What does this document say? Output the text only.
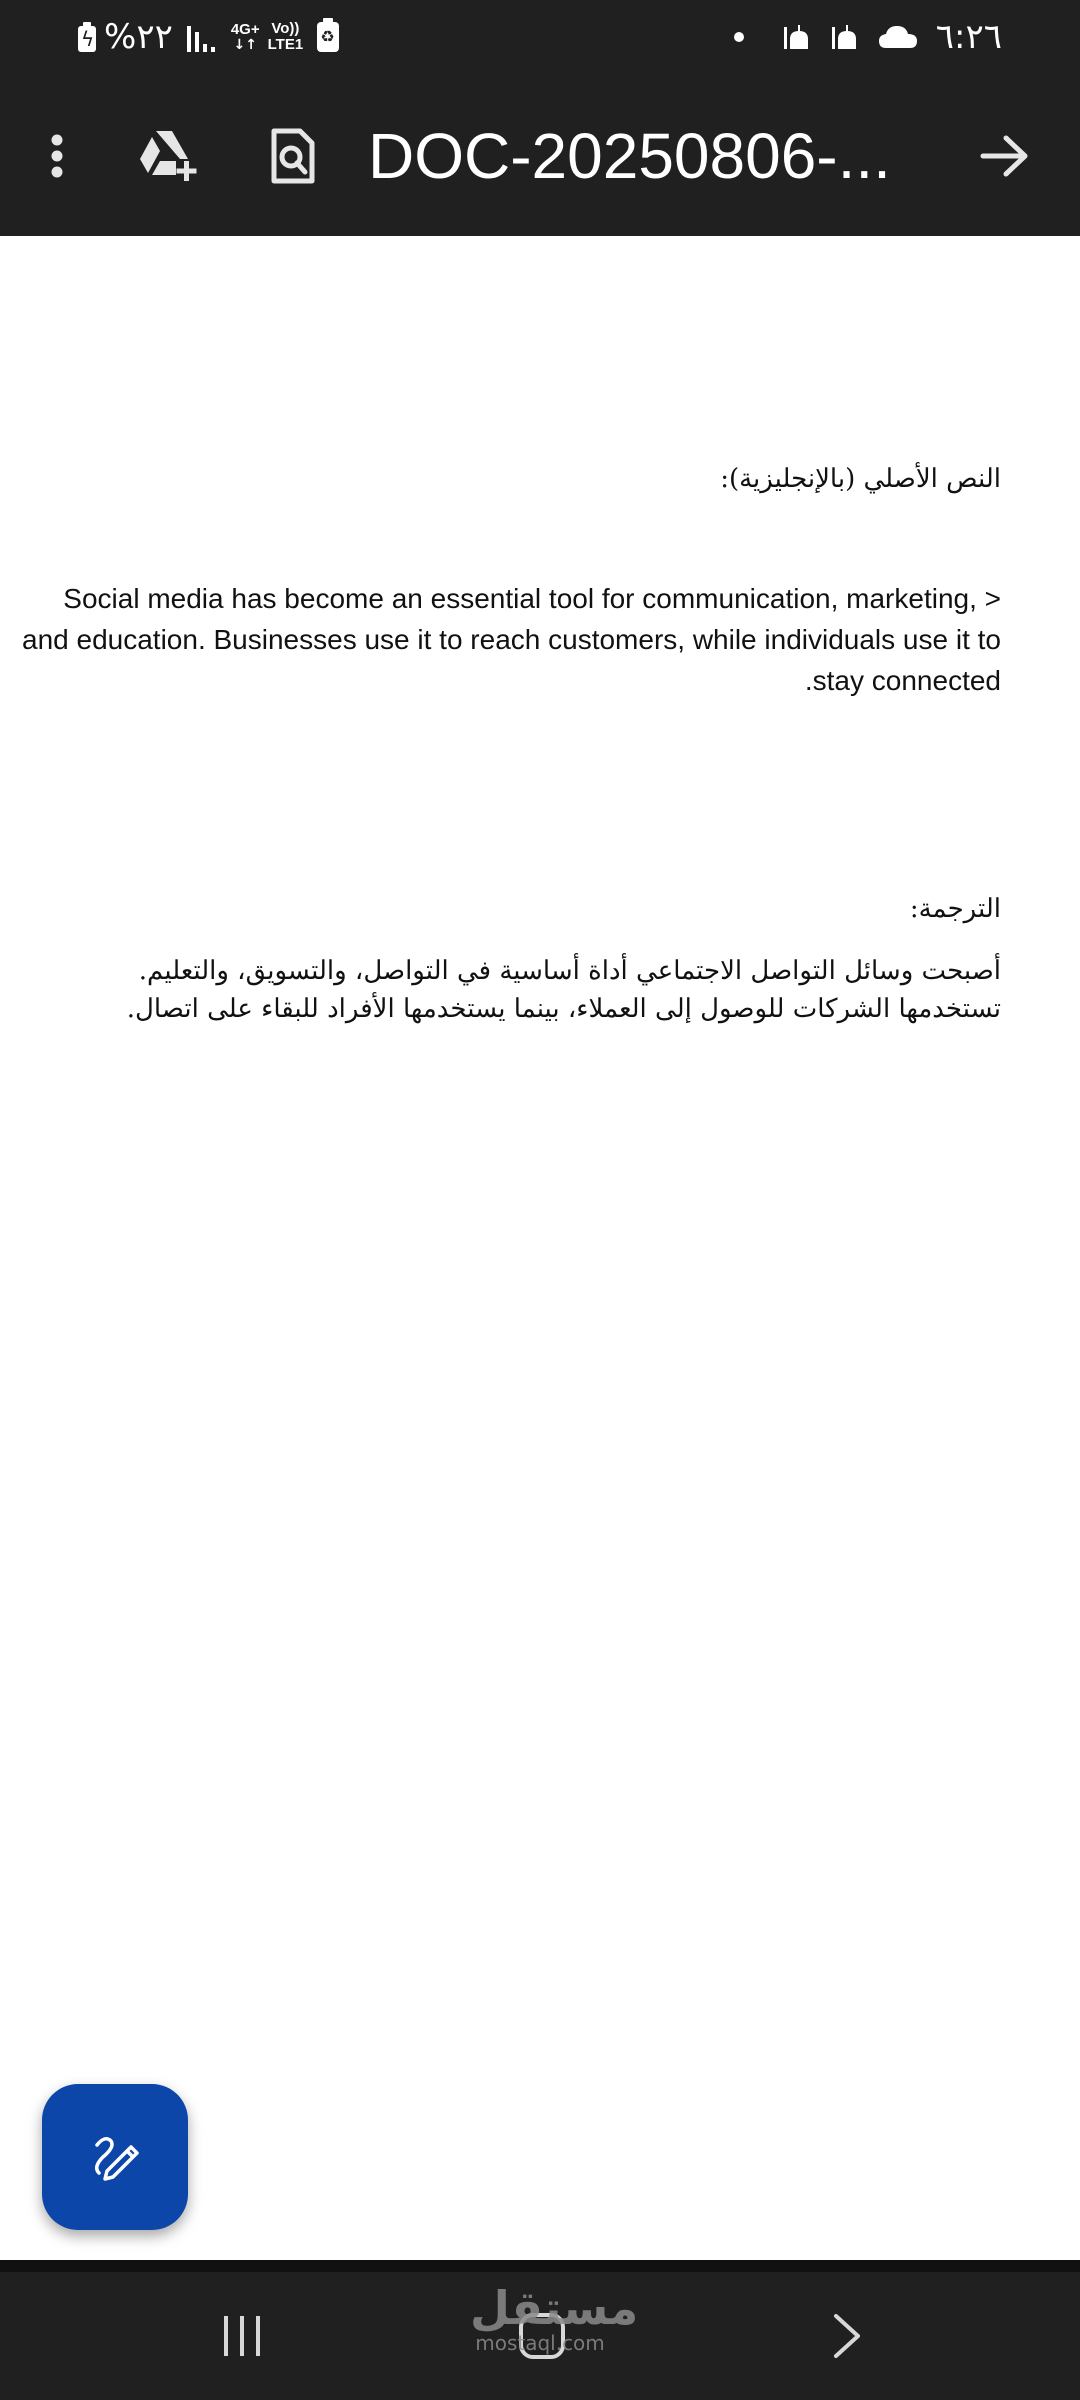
ϟ %٢٢	4G+
↓↑
Vo))
LTE1 ♻	٦:٢٦
DOC-20250806-...

النص الأصلي (بالإنجليزية):

Social media has become an essential tool for communication, marketing, > and education. Businesses use it to reach customers, while individuals use it to stay connected.

الترجمة:

أصبحت وسائل التواصل الاجتماعي أداة أساسية في التواصل، والتسويق، والتعليم. تستخدمها الشركات للوصول إلى العملاء، بينما يستخدمها الأفراد للبقاء على اتصال.

مستقل
mostaql.com
